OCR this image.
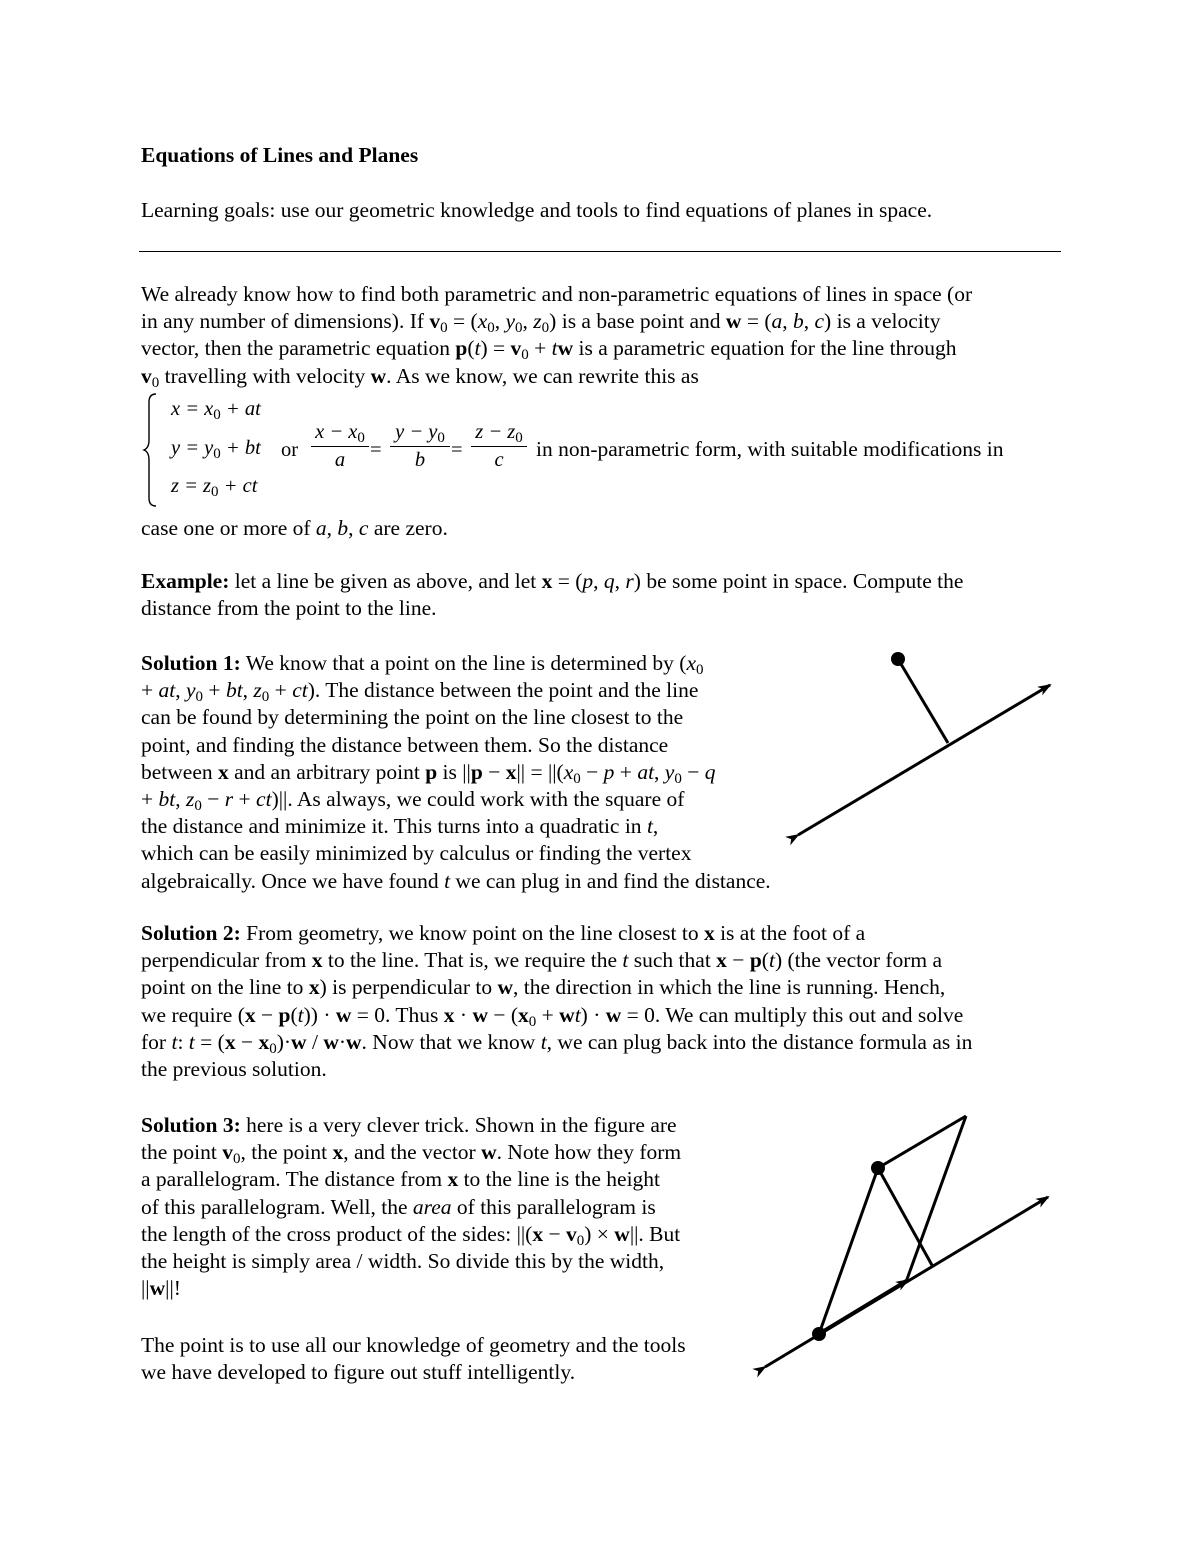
Equations of Lines and Planes
Learning goals: use our geometric knowledge and tools to find equations of planes in space.
We already know how to find both parametric and non-parametric equations of lines in space (or
in any number of dimensions). If $v_0 = (x_0$, $y_0$, $z_0$) is a base point and w = (a, b, c) is a velocity
vector, then the parametric equation $p(t) = v_0$ + tw is a parametric equation for the line through
$v_0$ travelling with velocity w. As we know, we can rewrite this as
$x = x_0$ + at
$y = y_0$ + bt
$z = z_0$ + ct
or $\frac{x - x_0}{a} = \frac{y - y_0}{b} = \frac{z - z_0}{c}$ in non-parametric form, with suitable modifications in
case one or more of a, b, c are zero.
Example: let a line be given as above, and let x = (p, q, r) be some point in space. Compute the
distance from the point to the line.
Solution 1: We know that a point on the line is determined by ($x_0$
+ at, $y_0$ + bt, $z_0 + ct$). The distance between the point and the line
can be found by determining the point on the line closest to the
point, and finding the distance between them. So the distance
between x and an arbitrary point p is $||p - x|| = ||(x_0 - p$ + at, $y_0 - q$
+ bt, $z_0 - r + ct)||$. As always, we could work with the square of
the distance and minimize it. This turns into a quadratic in t,
which can be easily minimized by calculus or finding the vertex
algebraically. Once we have found t we can plug in and find the distance.
Solution 2: From geometry, we know point on the line closest to x is at the foot of a
perpendicular from x to the line. That is, we require the t such that x − p(t) (the vector form a
point on the line to x) is perpendicular to w, the direction in which the line is running. Hench,
we require (x − p(t)) · w = 0. Thus $x \cdot w - (x_0 + wt) \cdot w = 0$. We can multiply this out and solve
for t: $t = (x - x_0)\cdot w / w\cdot w$. Now that we know t, we can plug back into the distance formula as in
the previous solution.
Solution 3: here is a very clever trick. Shown in the figure are
the point $v_0$, the point x, and the vector w. Note how they form
a parallelogram. The distance from x to the line is the height
of this parallelogram. Well, the area of this parallelogram is
the length of the cross product of the sides: $||(x - v_0) \times w||$. But
the height is simply area / width. So divide this by the width,
||w||!
The point is to use all our knowledge of geometry and the tools
we have developed to figure out stuff intelligently.
